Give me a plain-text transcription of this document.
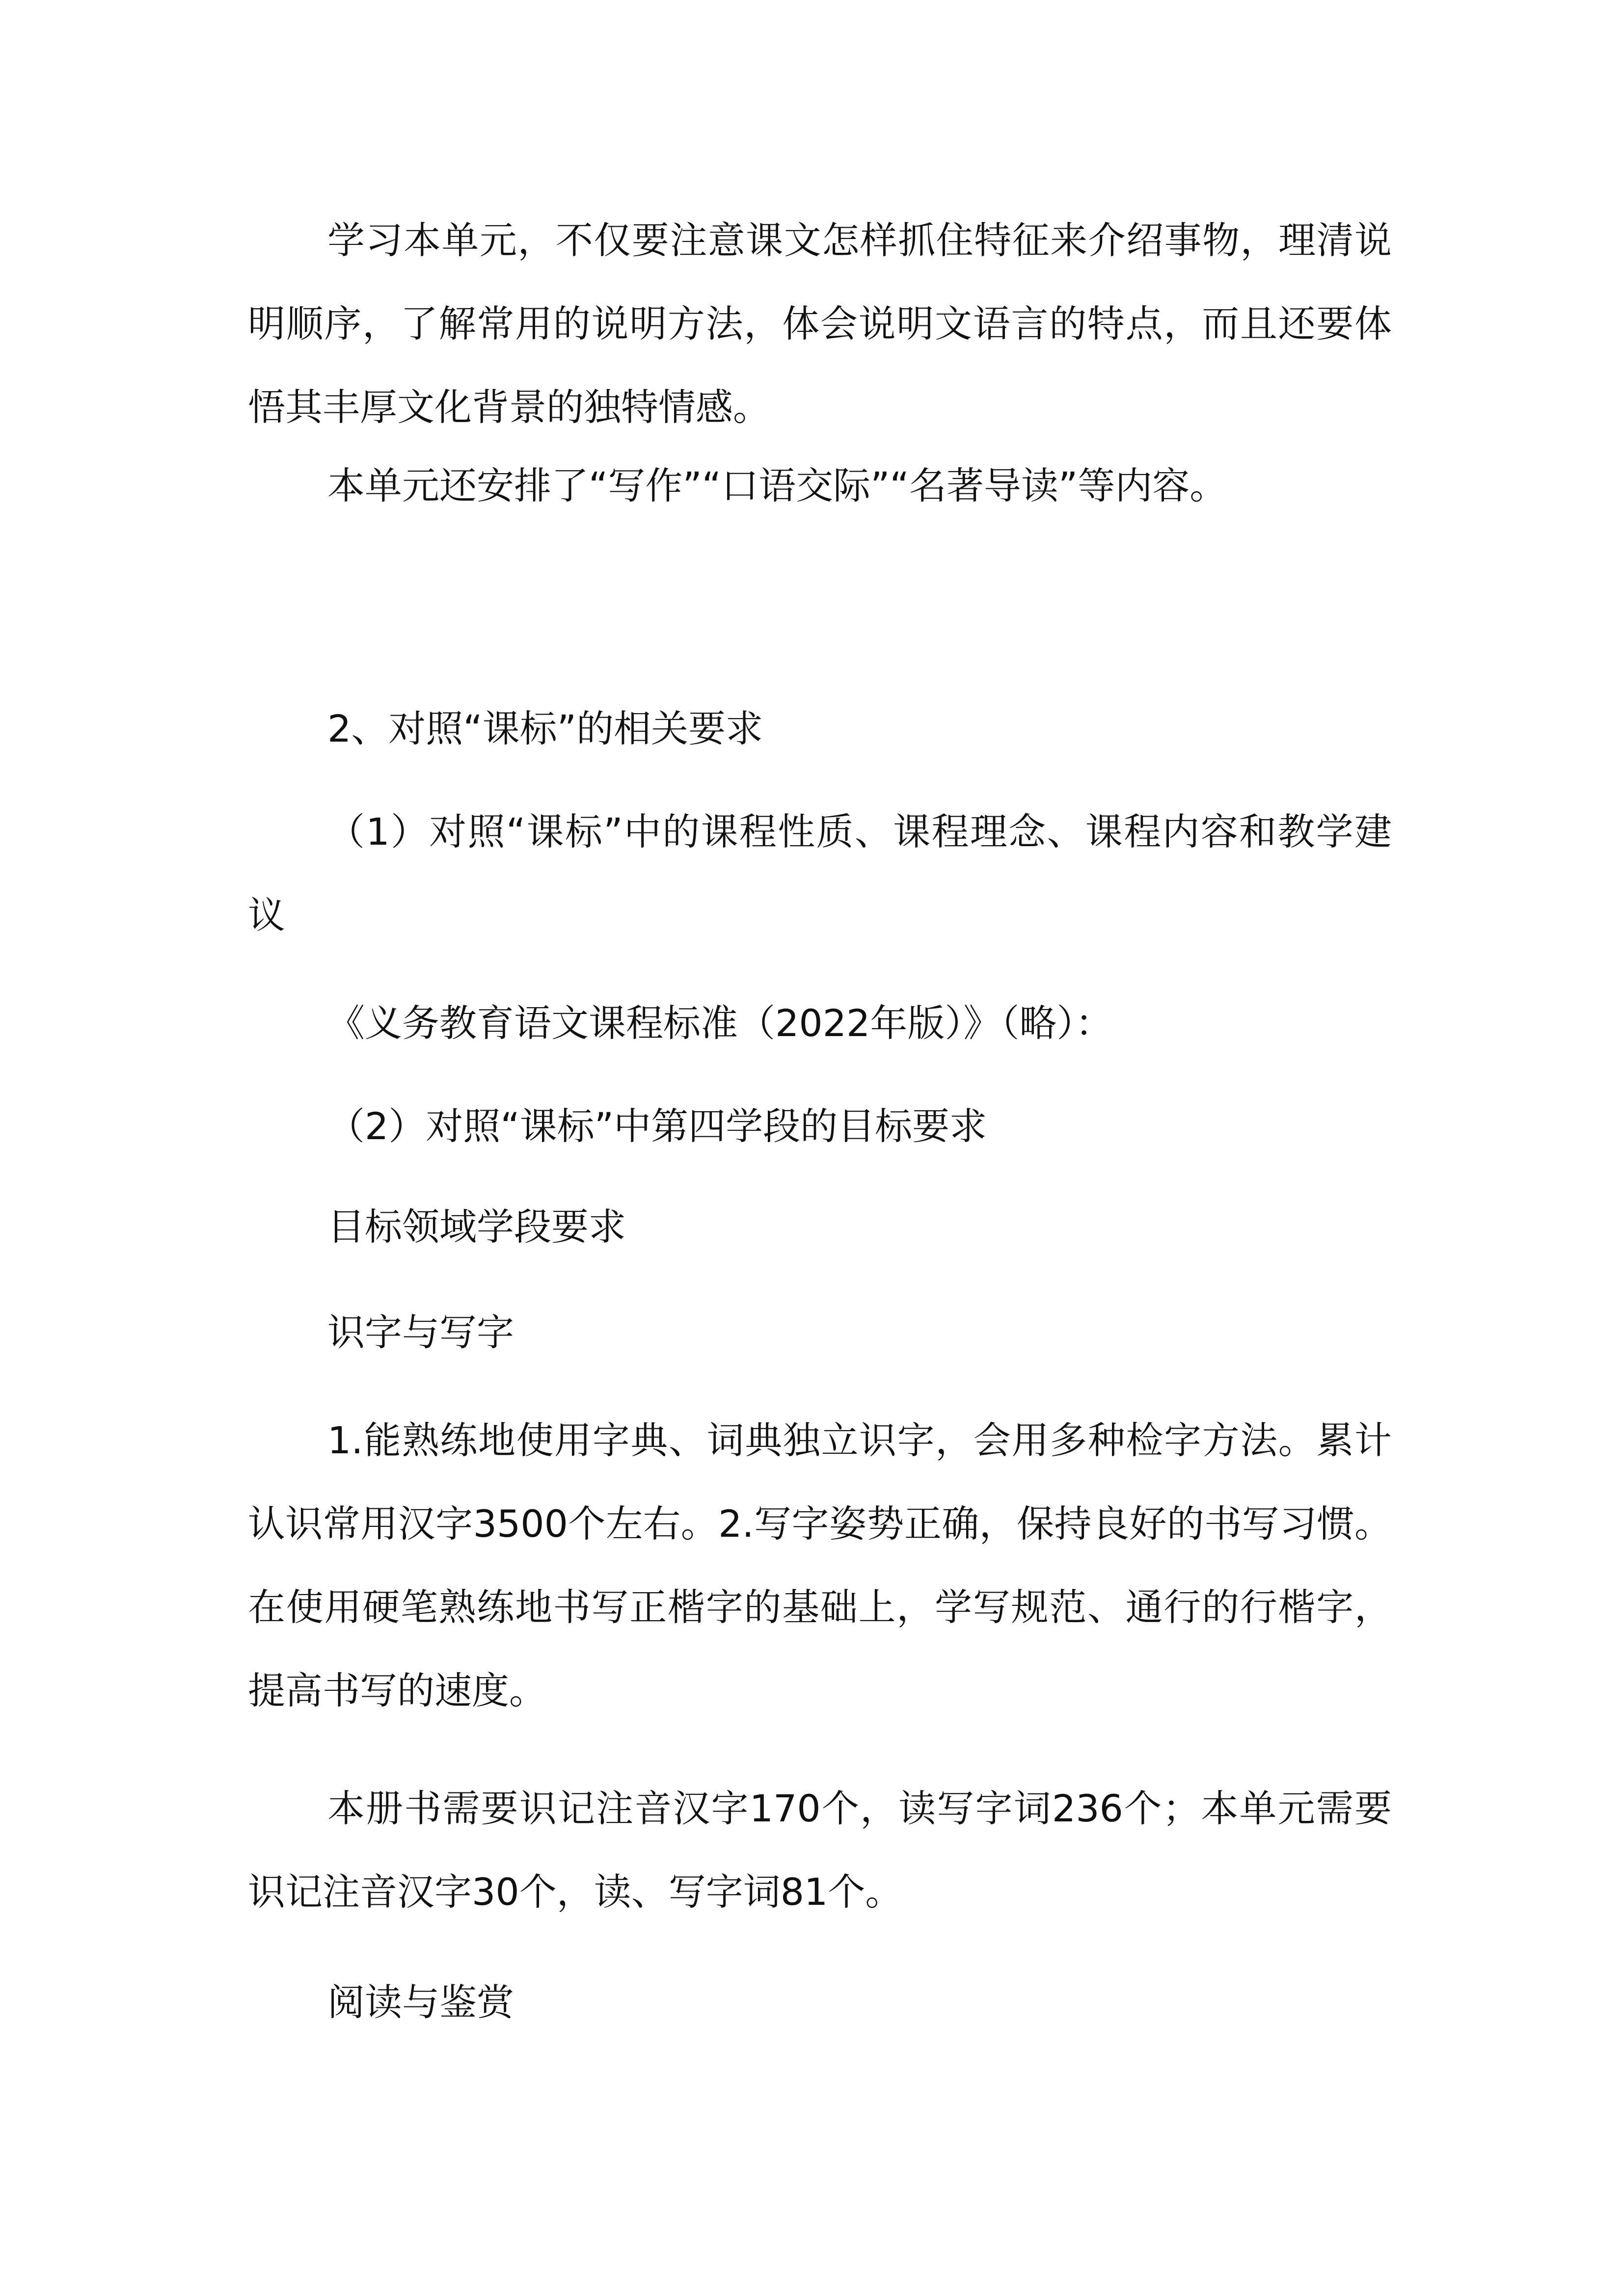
学习本单元，不仅要注意课文怎样抓住特征来介绍事物，理清说明顺序，了解常用的说明方法，体会说明文语言的特点，而且还要体悟其丰厚文化背景的独特情感。

本单元还安排了“写作”“口语交际”“名著导读”等内容。

2、对照“课标”的相关要求

（1）对照“课标”中的课程性质、课程理念、课程内容和教学建议

《义务教育语文课程标准（2022年版）》（略）：

（2）对照“课标”中第四学段的目标要求

目标领域学段要求

识字与写字

1.能熟练地使用字典、词典独立识字，会用多种检字方法。累计认识常用汉字3500个左右。2.写字姿势正确，保持良好的书写习惯。在使用硬笔熟练地书写正楷字的基础上，学写规范、通行的行楷字，提高书写的速度。

本册书需要识记注音汉字170个，读写字词236个；本单元需要识记注音汉字30个，读、写字词81个。

阅读与鉴赏
